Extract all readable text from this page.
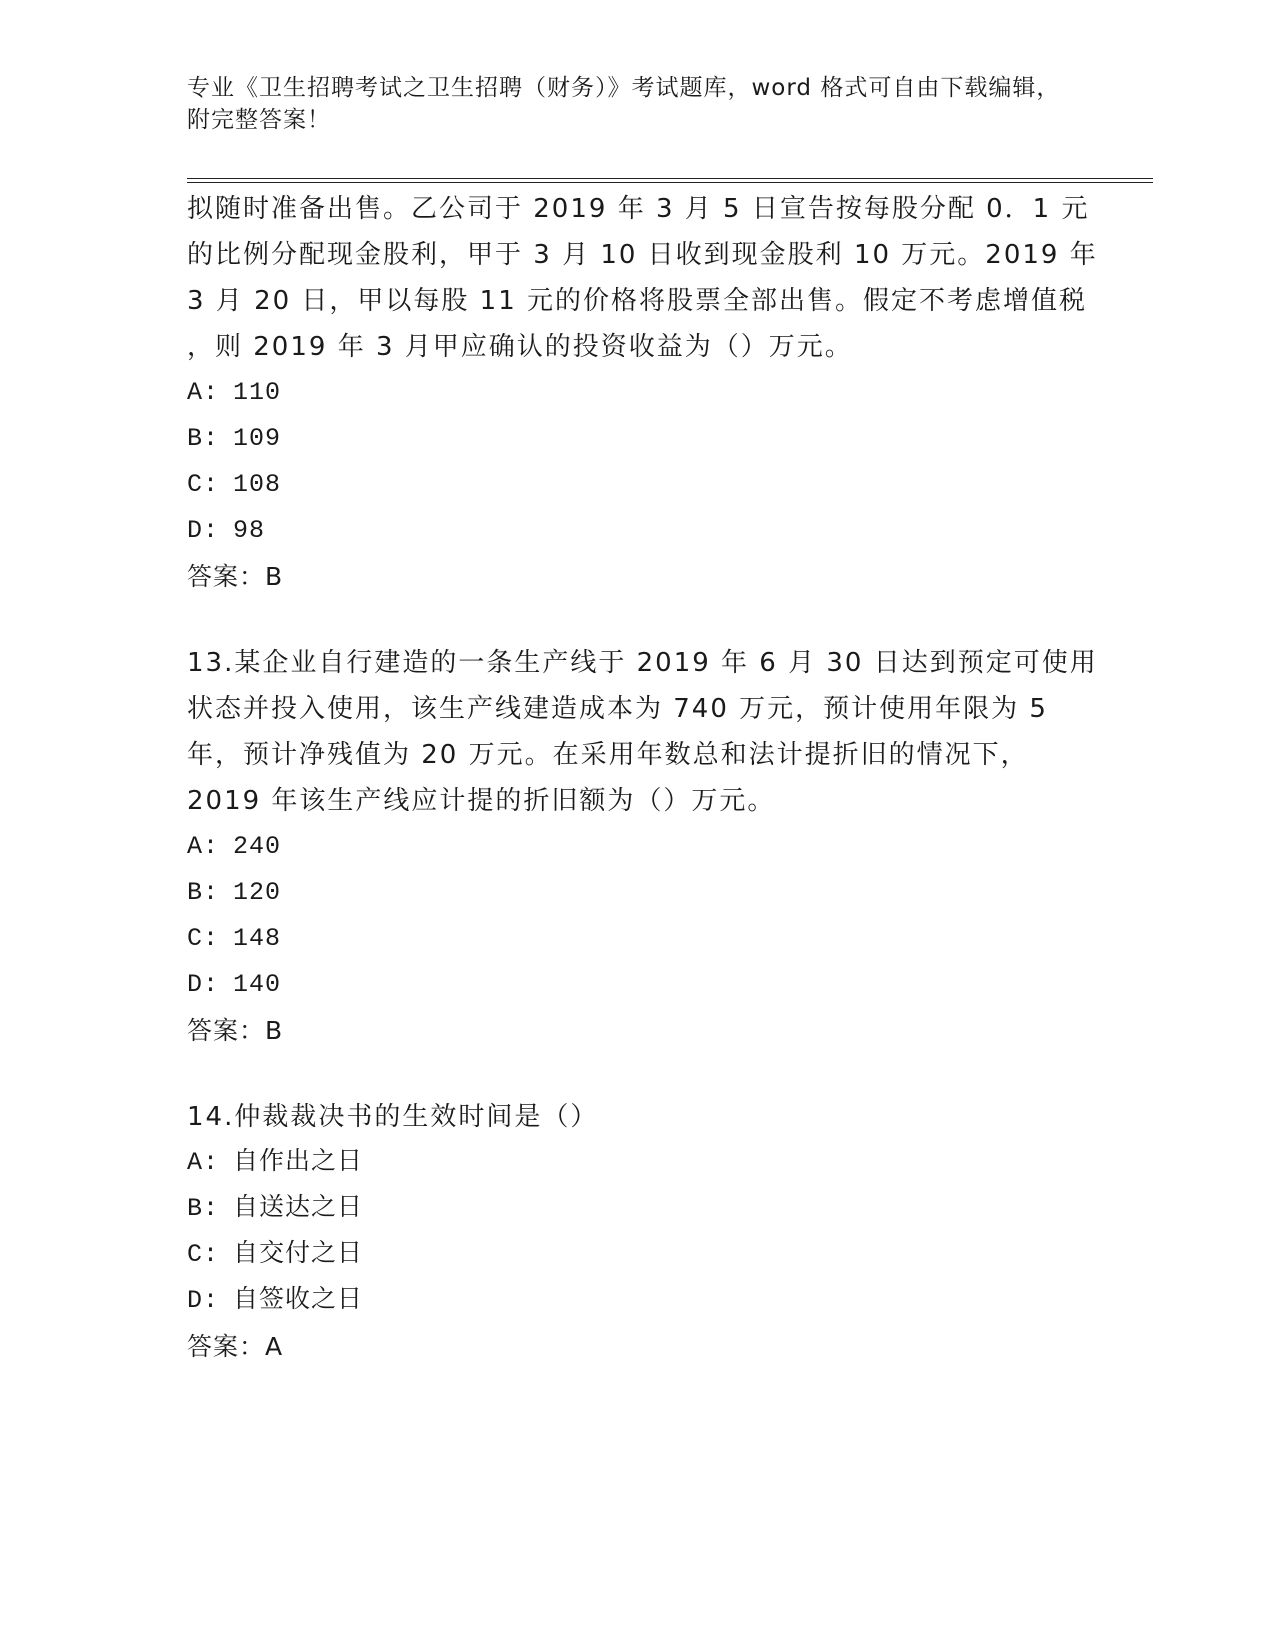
专业《卫生招聘考试之卫生招聘（财务）》考试题库，word 格式可自由下载编辑，附完整答案！
拟随时准备出售。乙公司于 2019 年 3 月 5 日宣告按每股分配 0．1 元
的比例分配现金股利，甲于 3 月 10 日收到现金股利 10 万元。2019 年
3 月 20 日，甲以每股 11 元的价格将股票全部出售。假定不考虑增值税
，则 2019 年 3 月甲应确认的投资收益为（）万元。
A: 110
B: 109
C: 108
D: 98
答案：B
13.某企业自行建造的一条生产线于 2019 年 6 月 30 日达到预定可使用
状态并投入使用，该生产线建造成本为 740 万元，预计使用年限为 5
年，预计净残值为 20 万元。在采用年数总和法计提折旧的情况下，
2019 年该生产线应计提的折旧额为（）万元。
A: 240
B: 120
C: 148
D: 140
答案：B
14.仲裁裁决书的生效时间是（）
A: 自作出之日
B: 自送达之日
C: 自交付之日
D: 自签收之日
答案：A
